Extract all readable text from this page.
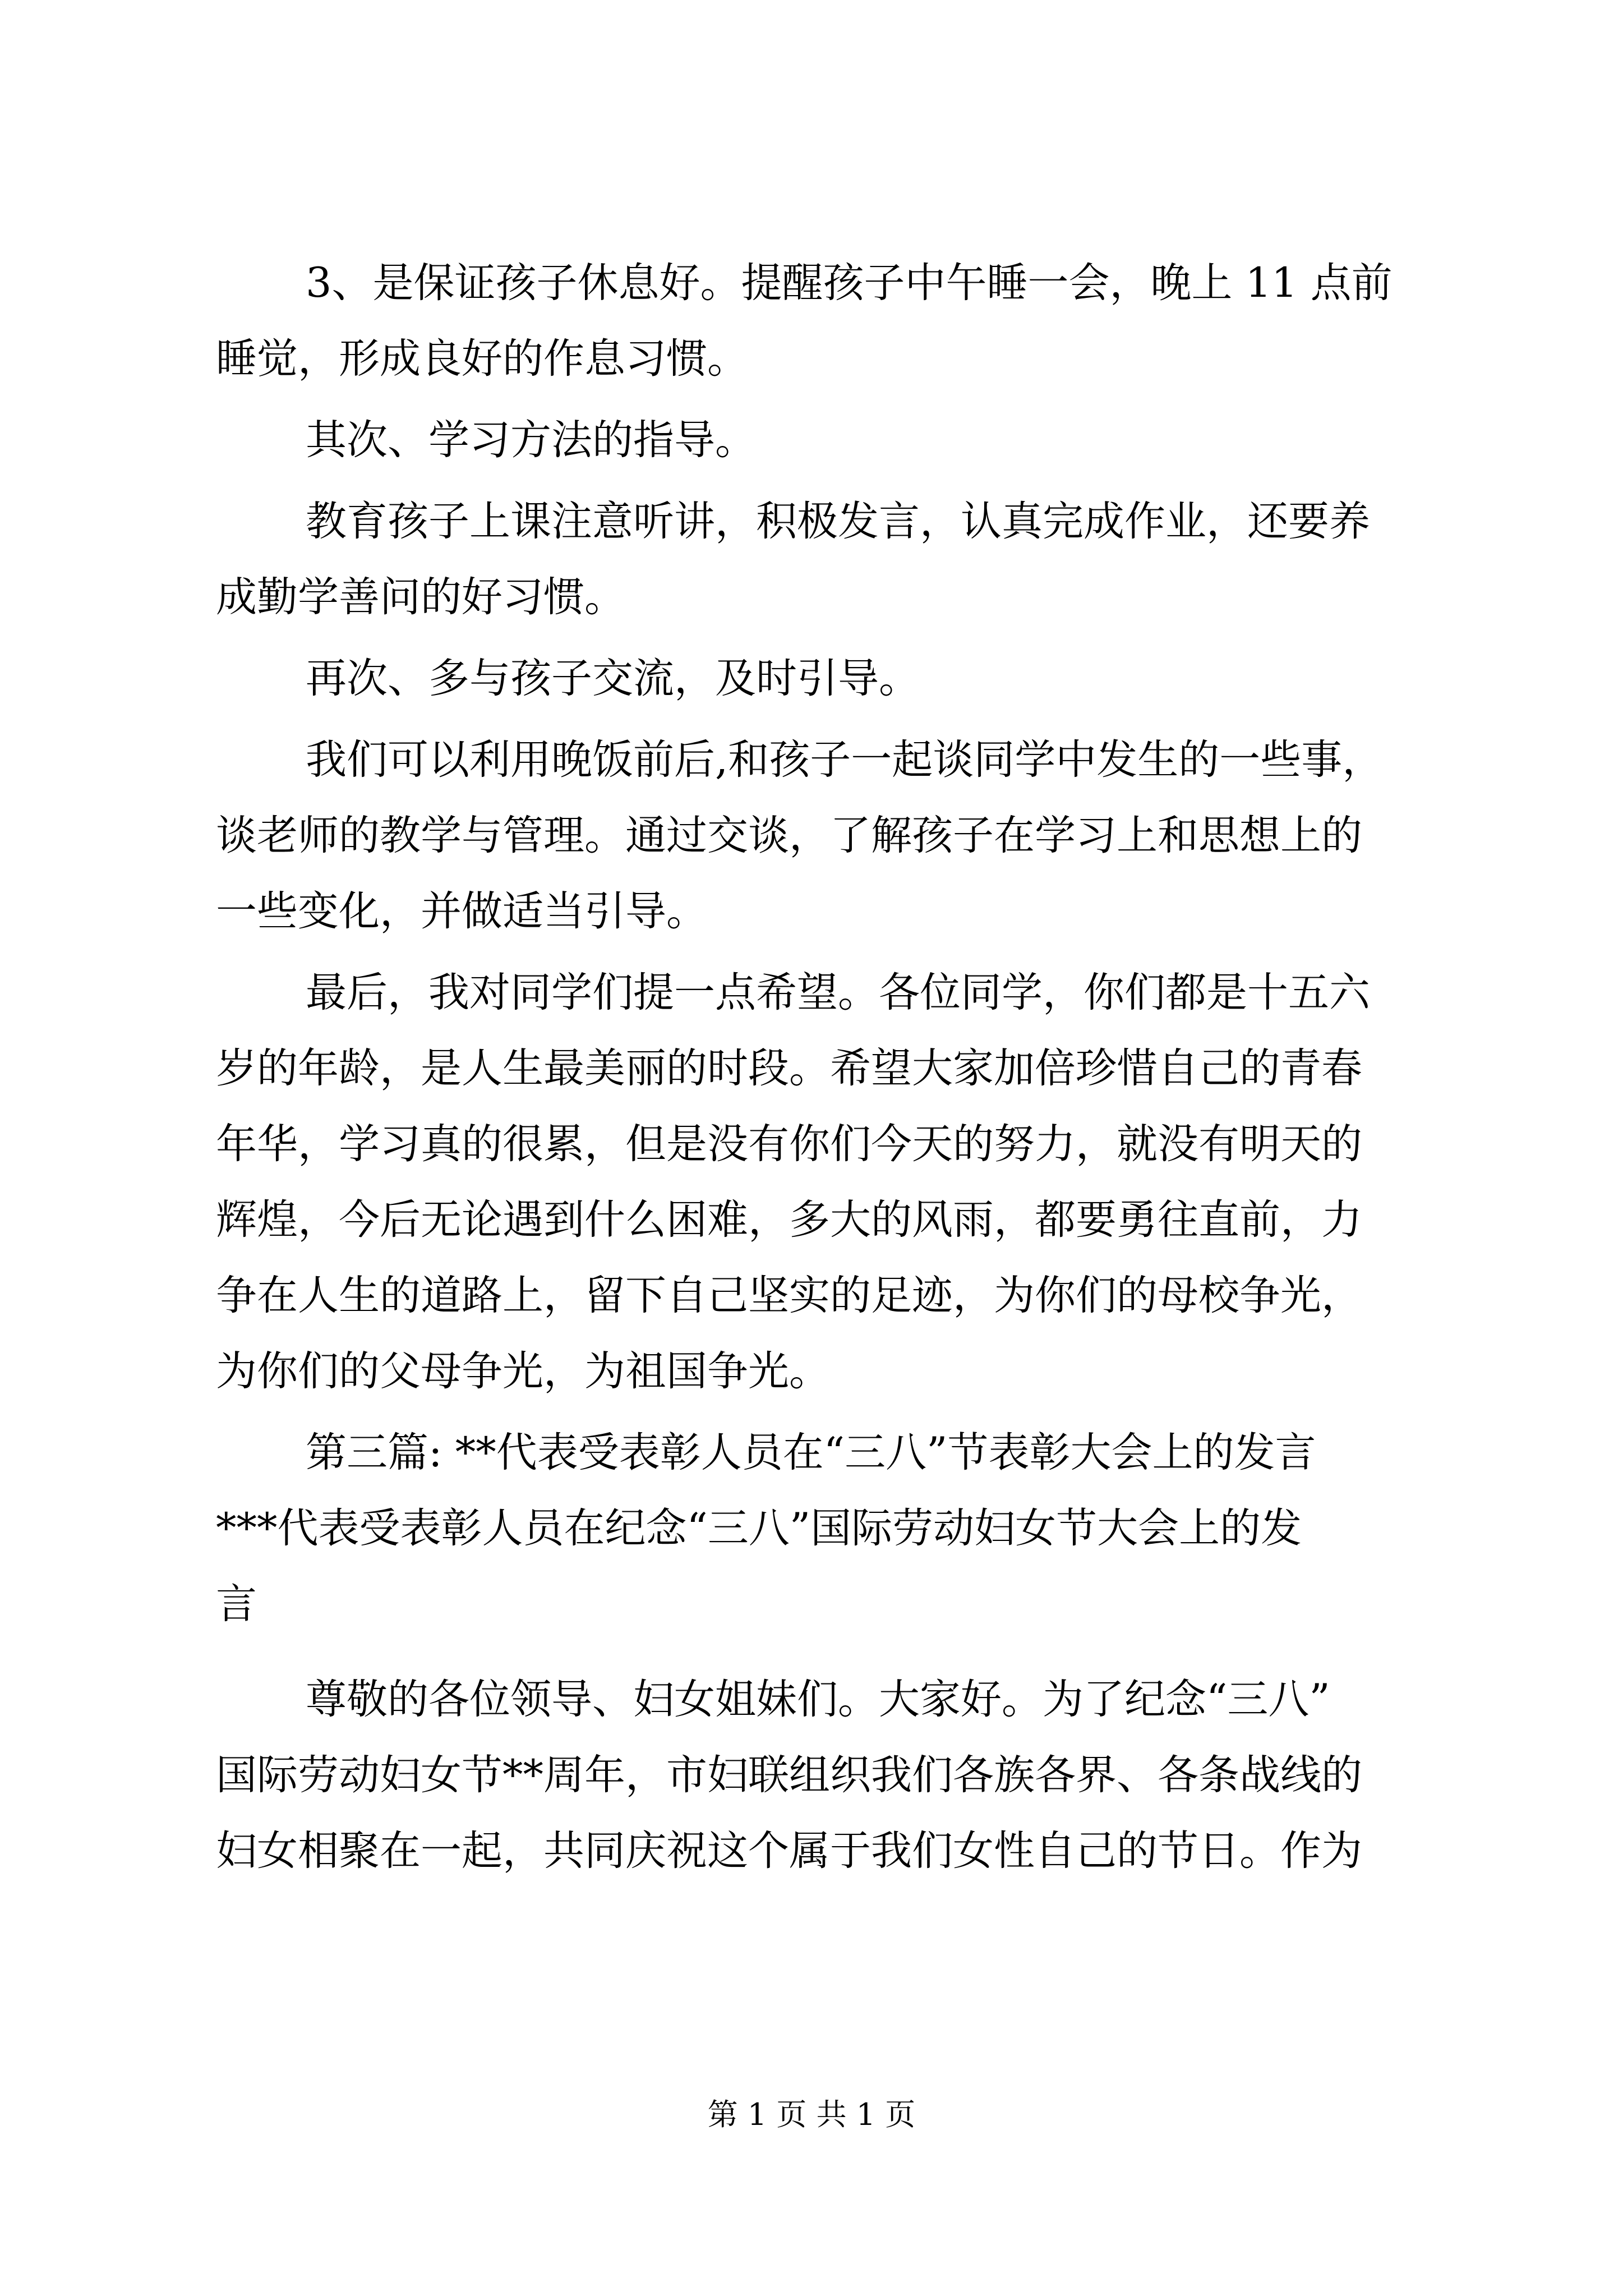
3、是保证孩子休息好。提醒孩子中午睡一会，晚上 11 点前
睡觉，形成良好的作息习惯。
其次、学习方法的指导。
教育孩子上课注意听讲，积极发言，认真完成作业，还要养
成勤学善问的好习惯。
再次、多与孩子交流，及时引导。
我们可以利用晚饭前后,和孩子一起谈同学中发生的一些事，
谈老师的教学与管理。通过交谈，了解孩子在学习上和思想上的
一些变化，并做适当引导。
最后，我对同学们提一点希望。各位同学，你们都是十五六
岁的年龄，是人生最美丽的时段。希望大家加倍珍惜自己的青春
年华，学习真的很累，但是没有你们今天的努力，就没有明天的
辉煌，今后无论遇到什么困难，多大的风雨，都要勇往直前，力
争在人生的道路上，留下自己坚实的足迹，为你们的母校争光，
为你们的父母争光，为祖国争光。
第三篇: **代表受表彰人员在“三八”节表彰大会上的发言
***代表受表彰人员在纪念“三八”国际劳动妇女节大会上的发
言
尊敬的各位领导、妇女姐妹们。大家好。为了纪念“三八”
国际劳动妇女节**周年，市妇联组织我们各族各界、各条战线的
妇女相聚在一起，共同庆祝这个属于我们女性自己的节日。作为
第 1 页 共 1 页
